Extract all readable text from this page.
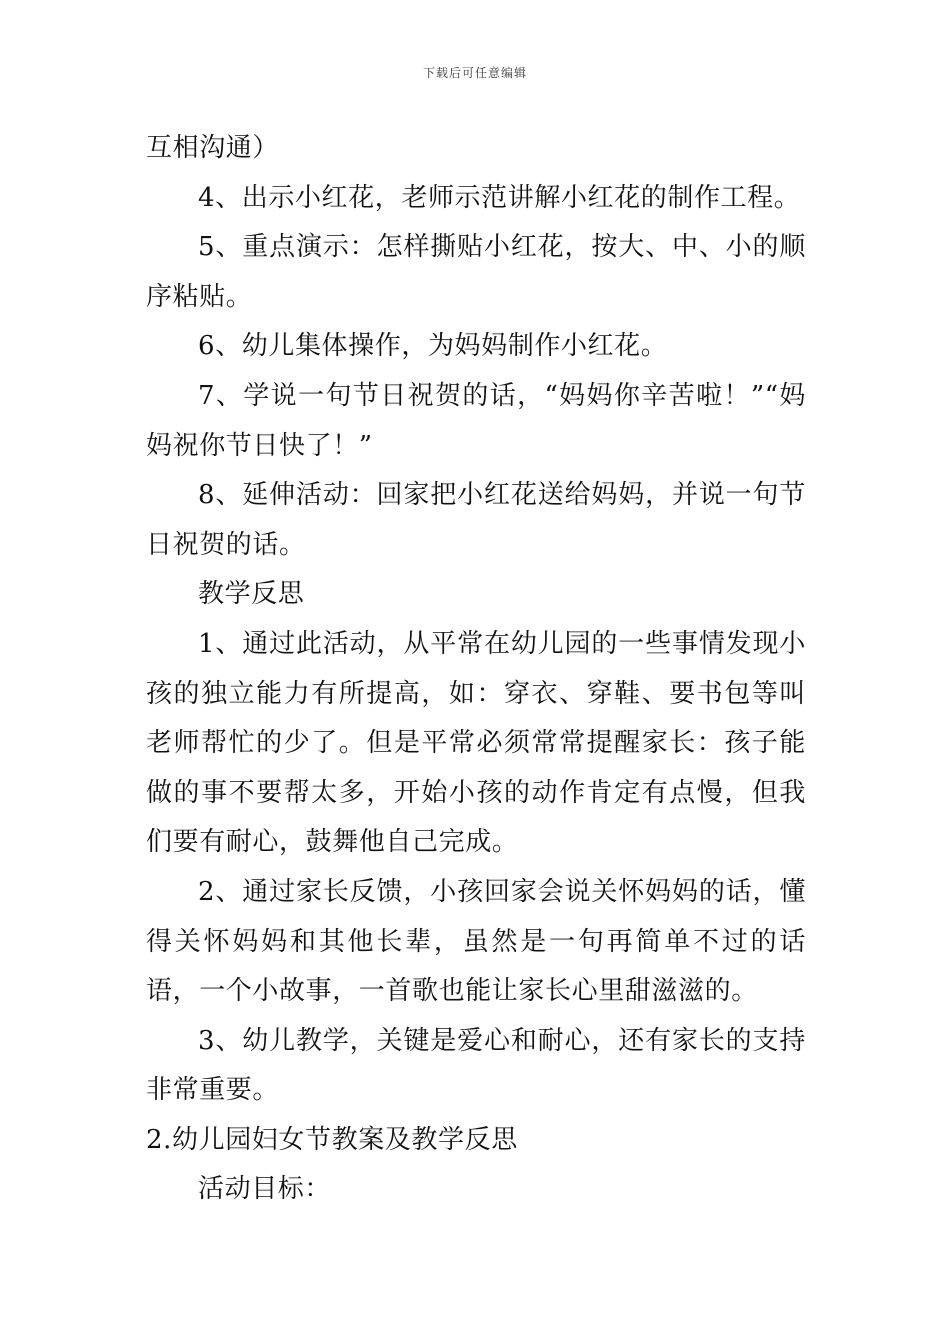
下载后可任意编辑

互相沟通）

4、出示小红花，老师示范讲解小红花的制作工程。

5、重点演示：怎样撕贴小红花，按大、中、小的顺序粘贴。

6、幼儿集体操作，为妈妈制作小红花。

7、学说一句节日祝贺的话，“妈妈你辛苦啦！”“妈妈祝你节日快了！”

8、延伸活动：回家把小红花送给妈妈，并说一句节日祝贺的话。

教学反思

1、通过此活动，从平常在幼儿园的一些事情发现小孩的独立能力有所提高，如：穿衣、穿鞋、要书包等叫老师帮忙的少了。但是平常必须常常提醒家长：孩子能做的事不要帮太多，开始小孩的动作肯定有点慢，但我们要有耐心，鼓舞他自己完成。

2、通过家长反馈，小孩回家会说关怀妈妈的话，懂得关怀妈妈和其他长辈，虽然是一句再简单不过的话语，一个小故事，一首歌也能让家长心里甜滋滋的。

3、幼儿教学，关键是爱心和耐心，还有家长的支持非常重要。

2.幼儿园妇女节教案及教学反思

活动目标：
